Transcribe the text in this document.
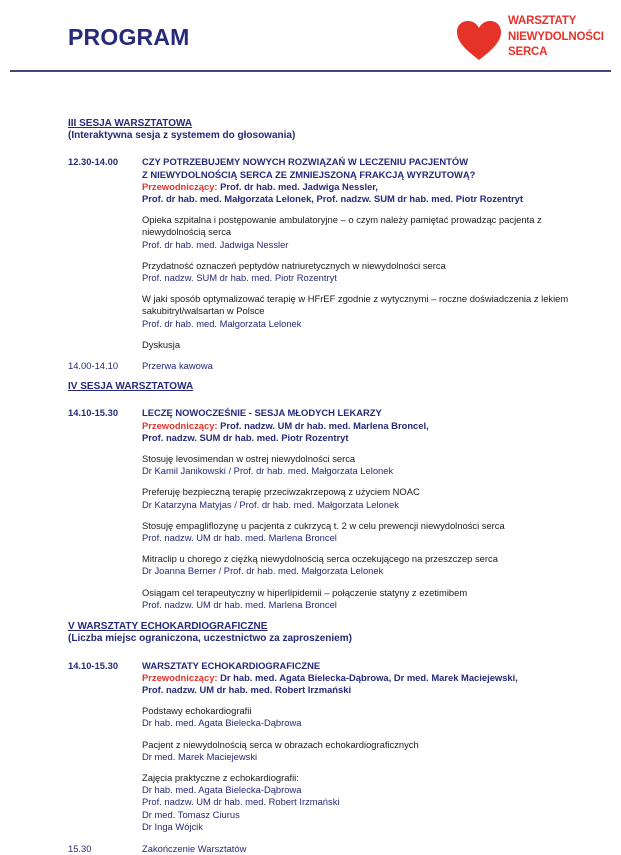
PROGRAM
WARSZTATY
NIEWYDOLNOŚCI
SERCA
III SESJA WARSZTATOWA
(Interaktywna sesja z systemem do głosowania)
12.30-14.00	CZY POTRZEBUJEMY NOWYCH ROZWIĄZAŃ W LECZENIU PACJENTÓW
Z NIEWYDOLNOŚCIĄ SERCA ZE ZMNIEJSZONĄ FRAKCJĄ WYRZUTOWĄ?
Przewodniczący: Prof. dr hab. med. Jadwiga Nessler,
Prof. dr hab. med. Małgorzata Lelonek, Prof. nadzw. SUM dr hab. med. Piotr Rozentryt
Opieka szpitalna i postępowanie ambulatoryjne – o czym należy pamiętać prowadząc pacjenta z niewydolnością serca
Prof. dr hab. med. Jadwiga Nessler
Przydatność oznaczeń peptydów natriuretycznych w niewydolności serca
Prof. nadzw. SUM dr hab. med. Piotr Rozentryt
W jaki sposób optymalizować terapię w HFrEF zgodnie z wytycznymi – roczne doświadczenia z lekiem sakubitryl/walsartan w Polsce
Prof. dr hab. med. Małgorzata Lelonek
Dyskusja
14.00-14.10	Przerwa kawowa
IV SESJA WARSZTATOWA
14.10-15.30	LECZĘ NOWOCZEŚNIE - SESJA MŁODYCH LEKARZY
Przewodniczący: Prof. nadzw. UM dr hab. med. Marlena Broncel,
Prof. nadzw. SUM dr hab. med. Piotr Rozentryt
Stosuję levosimendan w ostrej niewydolności serca
Dr Kamil Janikowski / Prof. dr hab. med. Małgorzata Lelonek
Preferuję bezpieczną terapię przeciwzakrzepową z użyciem NOAC
Dr Katarzyna Matyjas / Prof. dr hab. med. Małgorzata Lelonek
Stosuję empagliflozynę u pacjenta z cukrzycą t. 2 w celu prewencji niewydolności serca
Prof. nadzw. UM dr hab. med. Marlena Broncel
Mitraclip u chorego z ciężką niewydolnością serca oczekującego na przeszczep serca
Dr Joanna Berner / Prof. dr hab. med. Małgorzata Lelonek
Osiągam cel terapeutyczny w hiperlipidemii – połączenie statyny z ezetimibem
Prof. nadzw. UM dr hab. med. Marlena Broncel
V WARSZTATY ECHOKARDIOGRAFICZNE
(Liczba miejsc ograniczona, uczestnictwo za zaproszeniem)
14.10-15.30	WARSZTATY ECHOKARDIOGRAFICZNE
Przewodniczący: Dr hab. med. Agata Bielecka-Dąbrowa, Dr med. Marek Maciejewski,
Prof. nadzw. UM dr hab. med. Robert Irzmański
Podstawy echokardiografii
Dr hab. med. Agata Bielecka-Dąbrowa
Pacjent z niewydolnością serca w obrazach echokardiograficznych
Dr med. Marek Maciejewski
Zajęcia praktyczne z echokardiografii:
Dr hab. med. Agata Bielecka-Dąbrowa
Prof. nadzw. UM dr hab. med. Robert Irzmański
Dr med. Tomasz Ciurus
Dr Inga Wójcik
15.30	Zakończenie Warsztatów
